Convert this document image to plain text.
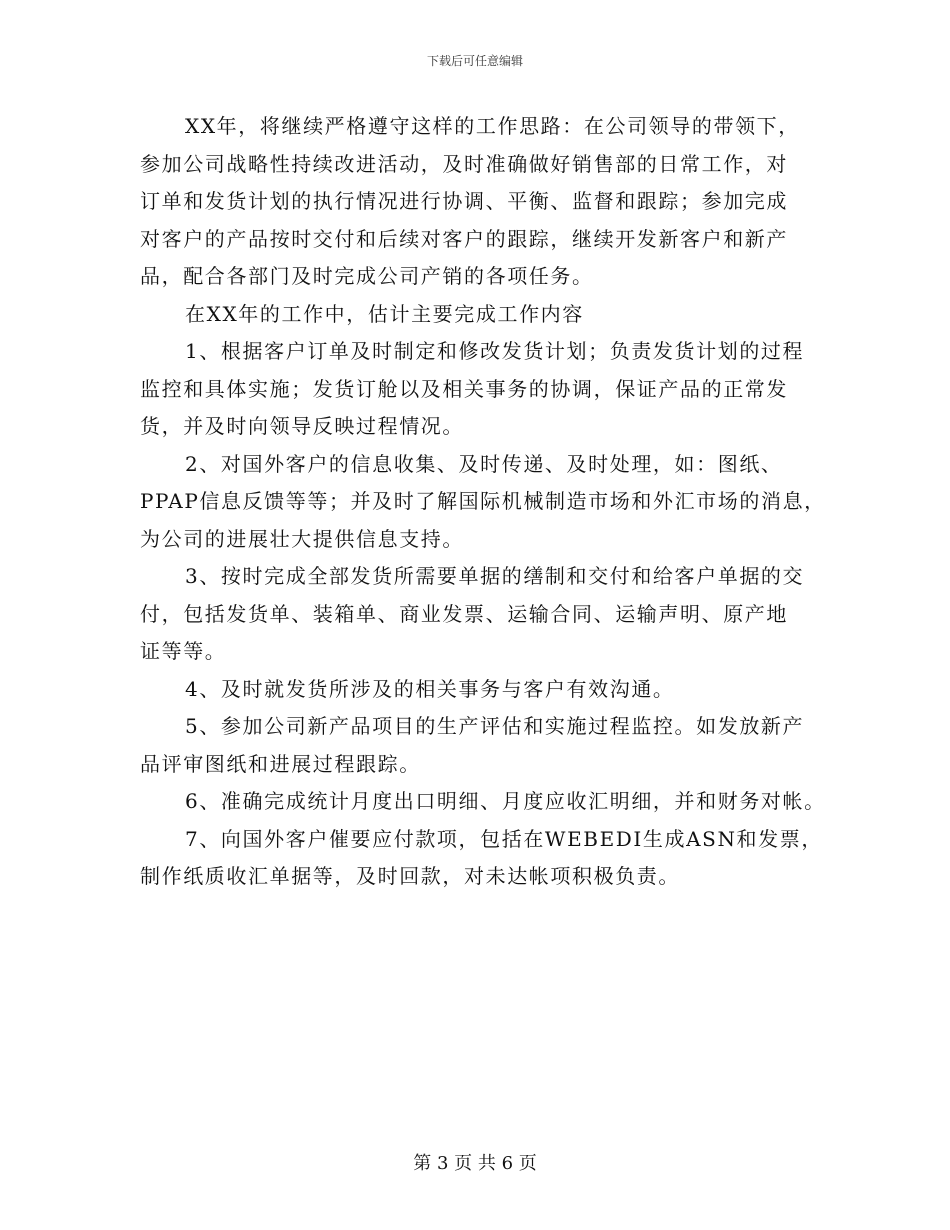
下载后可任意编辑
XX年，将继续严格遵守这样的工作思路：在公司领导的带领下，
参加公司战略性持续改进活动，及时准确做好销售部的日常工作，对
订单和发货计划的执行情况进行协调、平衡、监督和跟踪；参加完成
对客户的产品按时交付和后续对客户的跟踪，继续开发新客户和新产
品，配合各部门及时完成公司产销的各项任务。
在XX年的工作中，估计主要完成工作内容
1、根据客户订单及时制定和修改发货计划；负责发货计划的过程
监控和具体实施；发货订舱以及相关事务的协调，保证产品的正常发
货，并及时向领导反映过程情况。
2、对国外客户的信息收集、及时传递、及时处理，如：图纸、
PPAP信息反馈等等；并及时了解国际机械制造市场和外汇市场的消息，
为公司的进展壮大提供信息支持。
3、按时完成全部发货所需要单据的缮制和交付和给客户单据的交
付，包括发货单、装箱单、商业发票、运输合同、运输声明、原产地
证等等。
4、及时就发货所涉及的相关事务与客户有效沟通。
5、参加公司新产品项目的生产评估和实施过程监控。如发放新产
品评审图纸和进展过程跟踪。
6、准确完成统计月度出口明细、月度应收汇明细，并和财务对帐。
7、向国外客户催要应付款项，包括在WEBEDI生成ASN和发票，
制作纸质收汇单据等，及时回款，对未达帐项积极负责。
第 3 页 共 6 页
